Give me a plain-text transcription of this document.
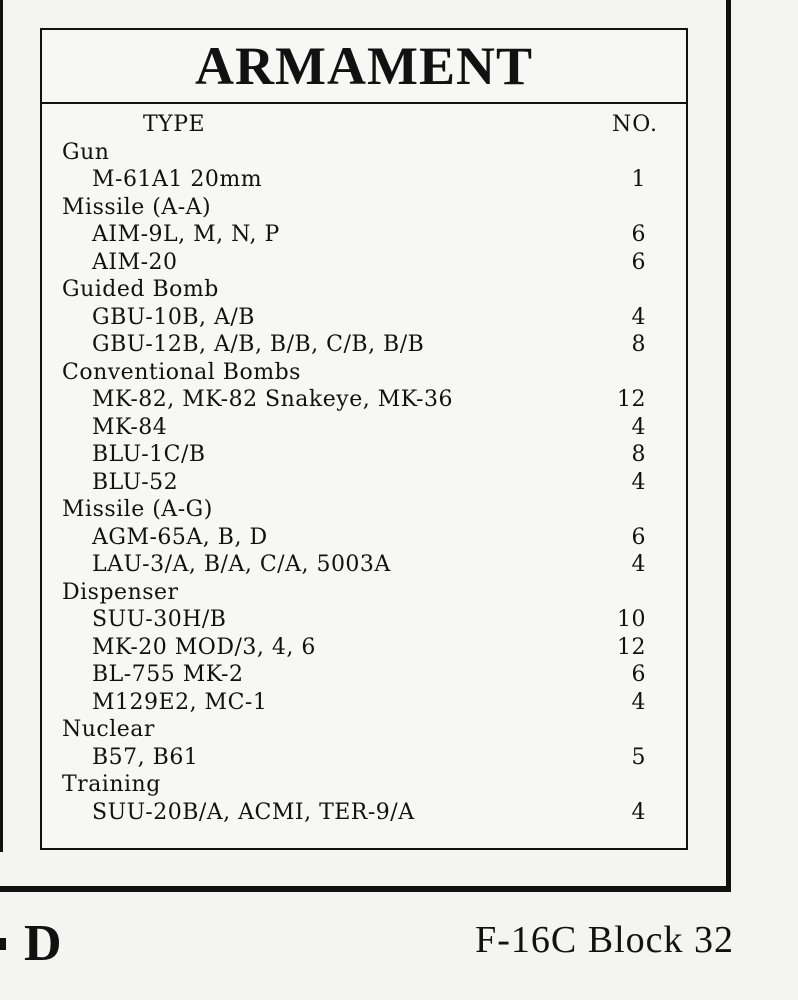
ARMAMENT
TYPE	NO.
Gun
M-61A1 20mm	1
Missile (A-A)
AIM-9L, M, N, P	6
AIM-20	6
Guided Bomb
GBU-10B, A/B	4
GBU-12B, A/B, B/B, C/B, B/B	8
Conventional Bombs
MK-82, MK-82 Snakeye, MK-36	12
MK-84	4
BLU-1C/B	8
BLU-52	4
Missile (A-G)
AGM-65A, B, D	6
LAU-3/A, B/A, C/A, 5003A	4
Dispenser
SUU-30H/B	10
MK-20 MOD/3, 4, 6	12
BL-755 MK-2	6
M129E2, MC-1	4
Nuclear
B57, B61	5
Training
SUU-20B/A, ACMI, TER-9/A	4
D	F-16C Block 32
